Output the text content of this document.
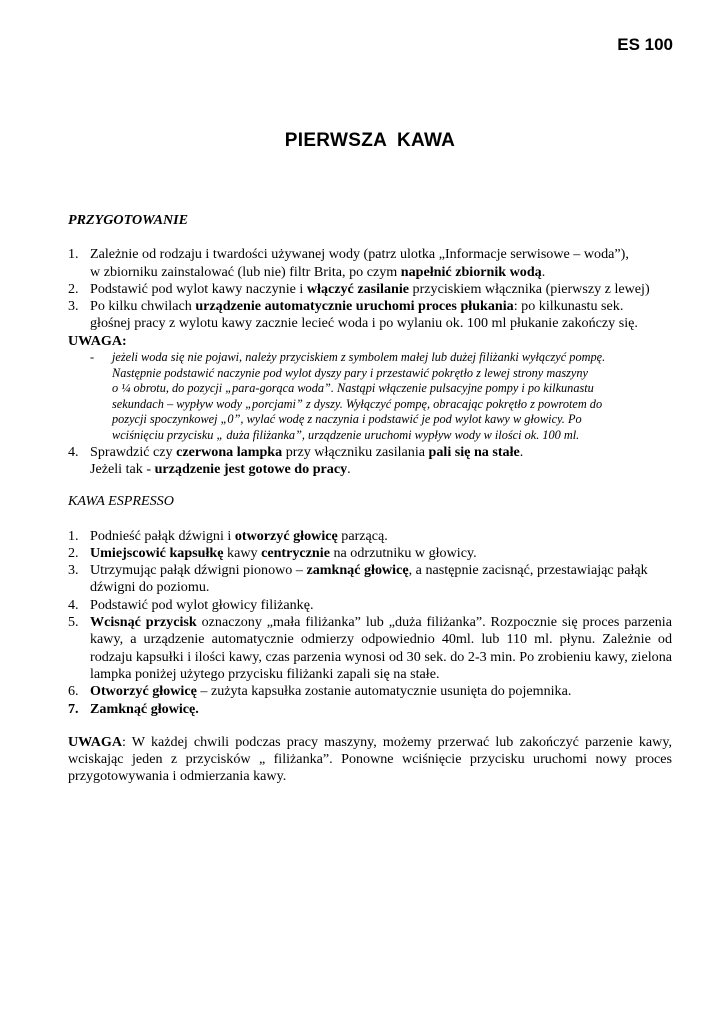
ES 100
PIERWSZA KAWA
PRZYGOTOWANIE
1. Zależnie od rodzaju i twardości używanej wody (patrz ulotka „Informacje serwisowe – woda”),
w zbiorniku zainstalować (lub nie) filtr Brita, po czym napełnić zbiornik wodą.
2. Podstawić pod wylot kawy naczynie i włączyć zasilanie przyciskiem włącznika (pierwszy z lewej)
3. Po kilku chwilach urządzenie automatycznie uruchomi proces płukania: po kilkunastu sek.
głośnej pracy z wylotu kawy zacznie lecieć woda i po wylaniu ok. 100 ml płukanie zakończy się.
UWAGA:
- jeżeli woda się nie pojawi, należy przyciskiem z symbolem małej lub dużej filiżanki wyłączyć pompę.
Następnie podstawić naczynie pod wylot dyszy pary i przestawić pokrętło z lewej strony maszyny
o ¼ obrotu, do pozycji „para-gorąca woda”. Nastąpi włączenie pulsacyjne pompy i po kilkunastu
sekundach – wypływ wody „porcjami” z dyszy. Wyłączyć pompę, obracając pokrętło z powrotem do
pozycji spoczynkowej „0”, wylać wodę z naczynia i podstawić je pod wylot kawy w głowicy. Po
wciśnięciu przycisku „ duża filiżanka”, urządzenie uruchomi wypływ wody w ilości ok. 100 ml.
4. Sprawdzić czy czerwona lampka przy włączniku zasilania pali się na stałe.
Jeżeli tak - urządzenie jest gotowe do pracy.
KAWA ESPRESSO
1. Podnieść pałąk dźwigni i otworzyć głowicę parzącą.
2. Umiejscowić kapsułkę kawy centrycznie na odrzutniku w głowicy.
3. Utrzymując pałąk dźwigni pionowo – zamknąć głowicę, a następnie zacisnąć, przestawiając pałąk
dźwigni do poziomu.
4. Podstawić pod wylot głowicy filiżankę.
5. Wcisnąć przycisk oznaczony „mała filiżanka” lub „duża filiżanka”. Rozpocznie się proces parzenia kawy, a urządzenie automatycznie odmierzy odpowiednio 40ml. lub 110 ml. płynu. Zależnie od rodzaju kapsułki i ilości kawy, czas parzenia wynosi od 30 sek. do 2-3 min. Po zrobieniu kawy, zielona lampka poniżej użytego przycisku filiżanki zapali się na stałe.
6. Otworzyć głowicę – zużyta kapsułka zostanie automatycznie usunięta do pojemnika.
7. Zamknąć głowicę.
UWAGA: W każdej chwili podczas pracy maszyny, możemy przerwać lub zakończyć parzenie kawy, wciskając jeden z przycisków „ filiżanka”. Ponowne wciśnięcie przycisku uruchomi nowy proces przygotowywania i odmierzania kawy.
